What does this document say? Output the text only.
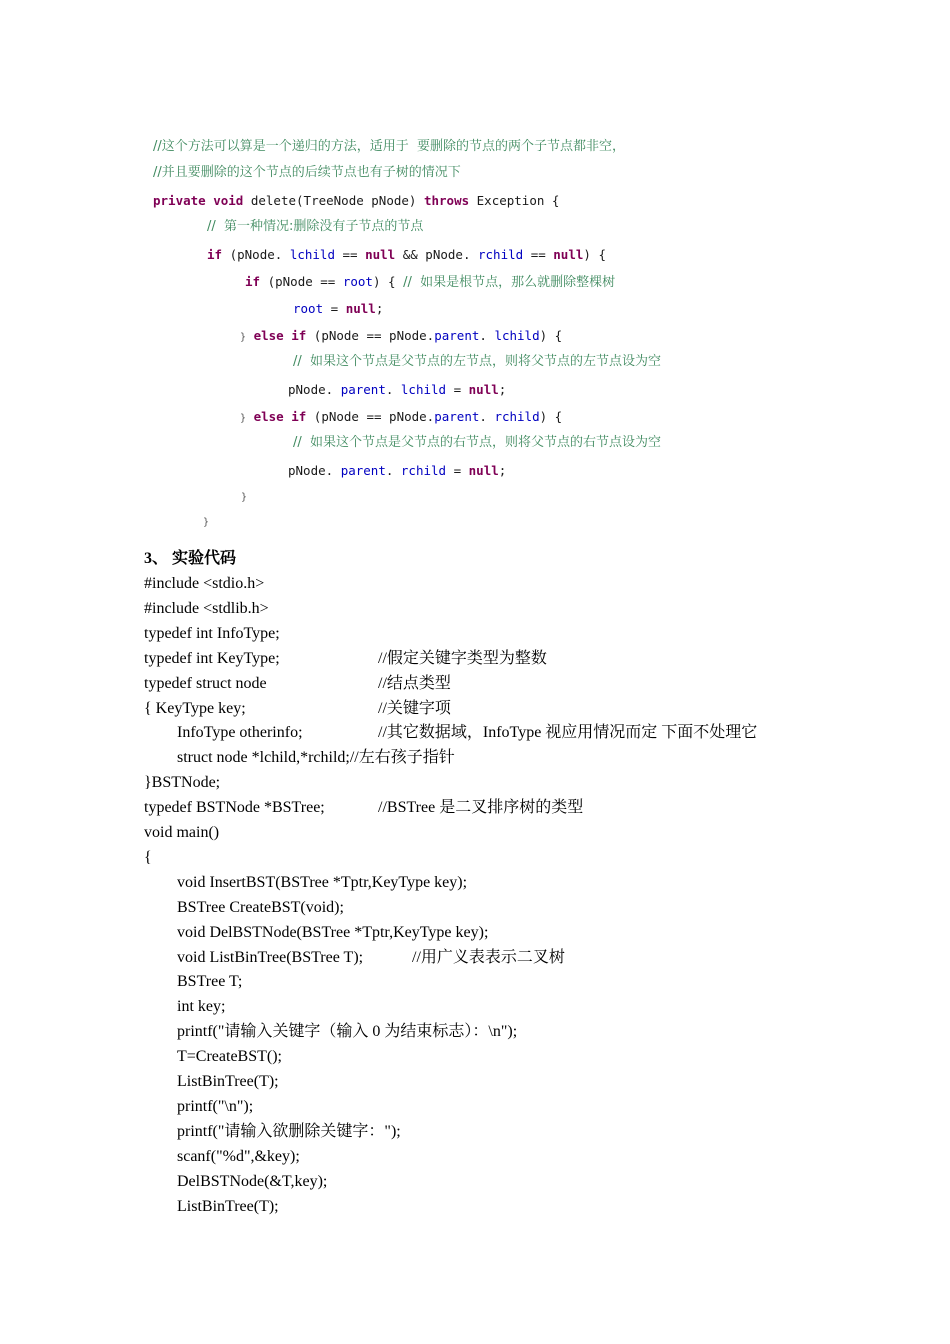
//这个方法可以算是一个递归的方法，适用于  要删除的节点的两个子节点都非空，
//并且要删除的这个节点的后续节点也有子树的情况下
private void delete(TreeNode pNode) throws Exception {
//  第一种情况:删除没有子节点的节点
if (pNode. lchild == null && pNode. rchild == null) {
if (pNode == root) { //  如果是根节点，那么就删除整棵树
root = null;
} else if (pNode == pNode.parent. lchild) {
//  如果这个节点是父节点的左节点，则将父节点的左节点设为空
pNode. parent. lchild = null;
} else if (pNode == pNode.parent. rchild) {
//  如果这个节点是父节点的右节点，则将父节点的右节点设为空
pNode. parent. rchild = null;
}
}
3、 实验代码
#include <stdio.h>
#include <stdlib.h>
typedef int InfoType;
typedef int KeyType;	//假定关键字类型为整数
typedef struct node	//结点类型
{ KeyType key;	//关键字项
InfoType otherinfo;	//其它数据域，InfoType 视应用情况而定 下面不处理它
struct node *lchild,*rchild;//左右孩子指针
}BSTNode;
typedef BSTNode *BSTree;	//BSTree 是二叉排序树的类型
void main()
{
void InsertBST(BSTree *Tptr,KeyType key);
BSTree CreateBST(void);
void DelBSTNode(BSTree *Tptr,KeyType key);
void ListBinTree(BSTree T);	//用广义表表示二叉树
BSTree T;
int key;
printf("请输入关键字（输入 0 为结束标志）：\n");
T=CreateBST();
ListBinTree(T);
printf("\n");
printf("请输入欲删除关键字：");
scanf("%d",&key);
DelBSTNode(&T,key);
ListBinTree(T);
